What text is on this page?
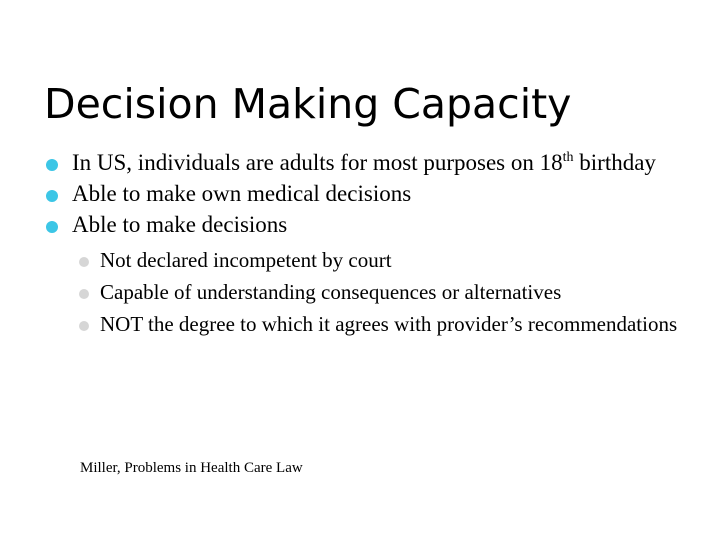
Decision Making Capacity
In US, individuals are adults for most purposes on 18th birthday
Able to make own medical decisions
Able to make decisions
Not declared incompetent by court
Capable of understanding consequences or alternatives
NOT the degree to which it agrees with provider’s recommendations
Miller, Problems in Health Care Law
